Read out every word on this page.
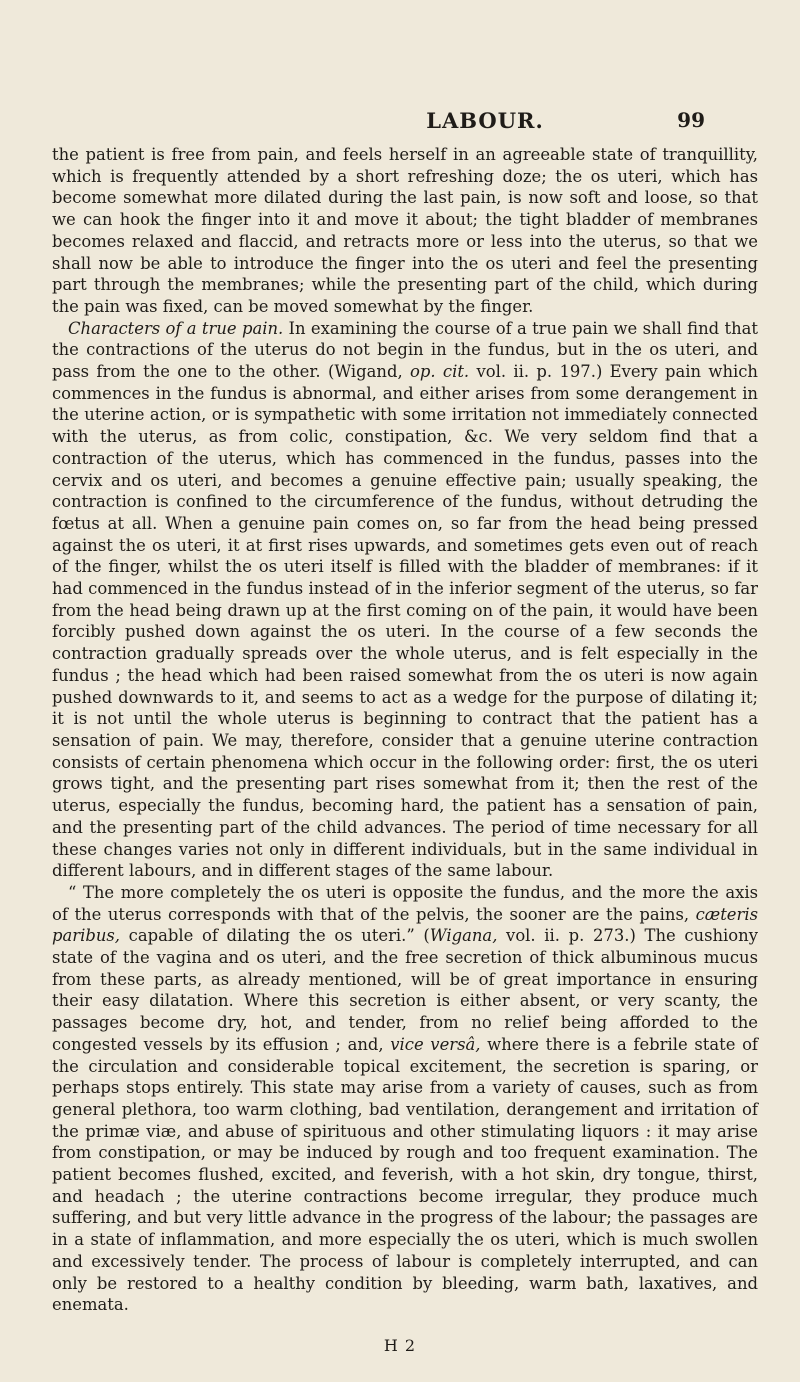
LABOUR.	99

the patient is free from pain, and feels herself in an agreeable state of tranquillity, which is frequently attended by a short refreshing doze; the os uteri, which has become somewhat more dilated during the last pain, is now soft and loose, so that we can hook the finger into it and move it about; the tight bladder of membranes becomes relaxed and flaccid, and retracts more or less into the uterus, so that we shall now be able to introduce the finger into the os uteri and feel the presenting part through the membranes; while the presenting part of the child, which during the pain was fixed, can be moved somewhat by the finger.

Characters of a true pain. In examining the course of a true pain we shall find that the contractions of the uterus do not begin in the fundus, but in the os uteri, and pass from the one to the other. (Wigand, op. cit. vol. ii. p. 197.) Every pain which commences in the fundus is abnormal, and either arises from some derangement in the uterine action, or is sympathetic with some irritation not immediately connected with the uterus, as from colic, constipation, &c. We very seldom find that a contraction of the uterus, which has commenced in the fundus, passes into the cervix and os uteri, and becomes a genuine effective pain; usually speaking, the contraction is confined to the circumference of the fundus, without detruding the fœtus at all. When a genuine pain comes on, so far from the head being pressed against the os uteri, it at first rises upwards, and sometimes gets even out of reach of the finger, whilst the os uteri itself is filled with the bladder of membranes: if it had commenced in the fundus instead of in the inferior segment of the uterus, so far from the head being drawn up at the first coming on of the pain, it would have been forcibly pushed down against the os uteri. In the course of a few seconds the contraction gradually spreads over the whole uterus, and is felt especially in the fundus ; the head which had been raised somewhat from the os uteri is now again pushed downwards to it, and seems to act as a wedge for the purpose of dilating it; it is not until the whole uterus is beginning to contract that the patient has a sensation of pain. We may, therefore, consider that a genuine uterine contraction consists of certain phenomena which occur in the following order: first, the os uteri grows tight, and the presenting part rises somewhat from it; then the rest of the uterus, especially the fundus, becoming hard, the patient has a sensation of pain, and the presenting part of the child advances. The period of time necessary for all these changes varies not only in different individuals, but in the same individual in different labours, and in different stages of the same labour.

“ The more completely the os uteri is opposite the fundus, and the more the axis of the uterus corresponds with that of the pelvis, the sooner are the pains, cæteris paribus, capable of dilating the os uteri.” (Wigana, vol. ii. p. 273.) The cushiony state of the vagina and os uteri, and the free secretion of thick albuminous mucus from these parts, as already mentioned, will be of great importance in ensuring their easy dilatation. Where this secretion is either absent, or very scanty, the passages become dry, hot, and tender, from no relief being afforded to the congested vessels by its effusion ; and, vice versâ, where there is a febrile state of the circulation and considerable topical excitement, the secretion is sparing, or perhaps stops entirely. This state may arise from a variety of causes, such as from general plethora, too warm clothing, bad ventilation, derangement and irritation of the primæ viæ, and abuse of spirituous and other stimulating liquors : it may arise from constipation, or may be induced by rough and too frequent examination. The patient becomes flushed, excited, and feverish, with a hot skin, dry tongue, thirst, and headach ; the uterine contractions become irregular, they produce much suffering, and but very little advance in the progress of the labour; the passages are in a state of inflammation, and more especially the os uteri, which is much swollen and excessively tender. The process of labour is completely interrupted, and can only be restored to a healthy condition by bleeding, warm bath, laxatives, and enemata.

H 2
